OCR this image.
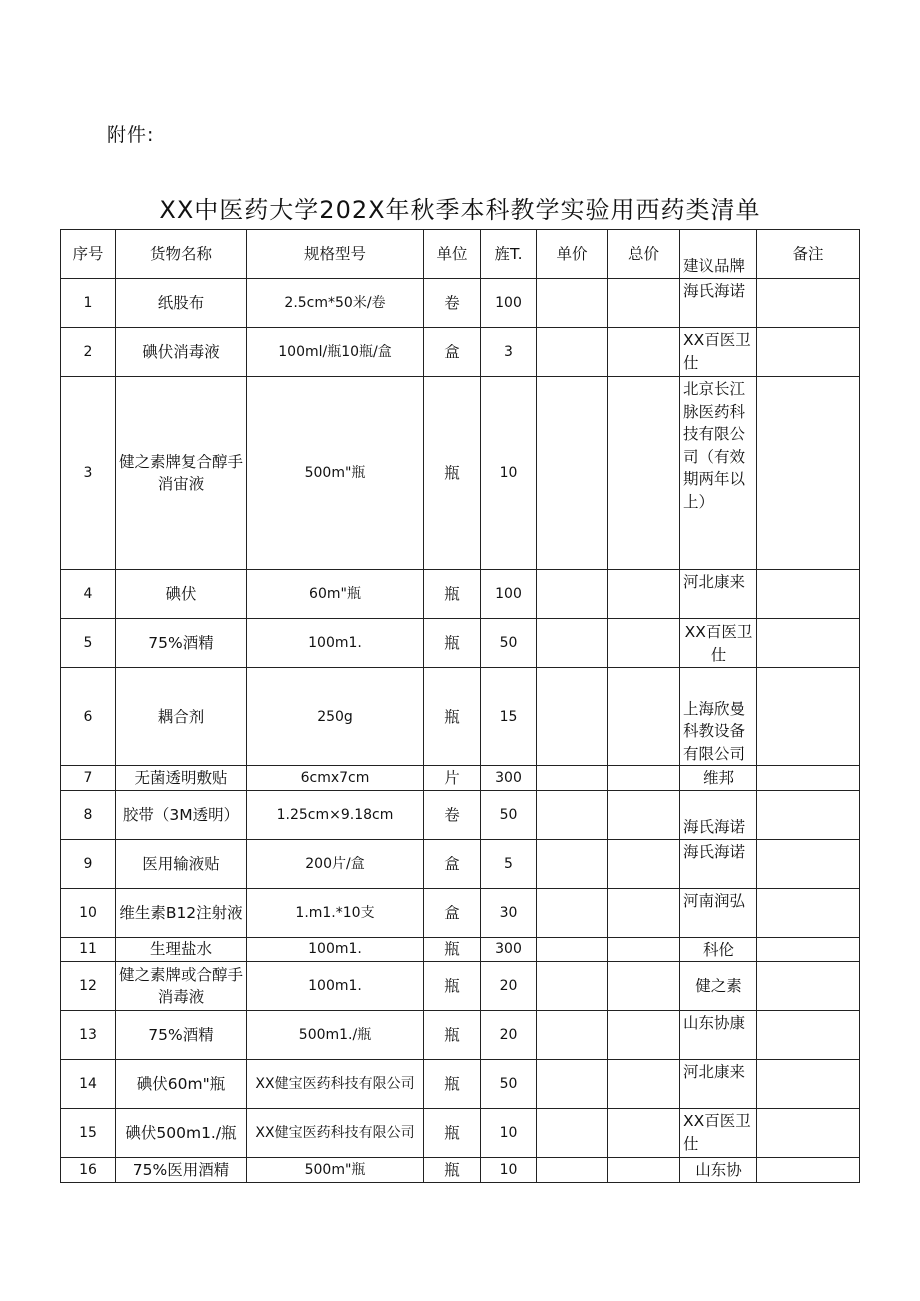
附件:
XX中医药大学202X年秋季本科教学实验用西药类清单
序号	货物名称	规格型号	单位	旌T.	单价	总价	建议品牌	备注
1	纸股布	2.5cm*50米/卷	卷	100			海氏海诺	
2	碘伏消毒液	100ml/瓶10瓶/盒	盒	3			XX百医卫仕	
3	健之素牌复合醇手消宙液	500m"瓶	瓶	10			北京长江脉医药科技有限公司（有效期两年以上）	
4	碘伏	60m"瓶	瓶	100			河北康来	
5	75%酒精	100m1.	瓶	50			XX百医卫仕	
6	耦合剂	250g	瓶	15			上海欣曼科教设备有限公司	
7	无菌透明敷贴	6cmx7cm	片	300			维邦	
8	胶带（3M透明）	1.25cm×9.18cm	卷	50			海氏海诺	
9	医用输液贴	200片/盒	盒	5			海氏海诺	
10	维生素B12注射液	1.m1.*10支	盒	30			河南润弘	
11	生理盐水	100m1.	瓶	300			科伦	
12	健之素牌或合醇手消毒液	100m1.	瓶	20			健之素	
13	75%酒精	500m1./瓶	瓶	20			山东协康	
14	碘伏60m"瓶	XX健宝医药科技有限公司	瓶	50			河北康来	
15	碘伏500m1./瓶	XX健宝医药科技有限公司	瓶	10			XX百医卫仕	
16	75%医用酒精	500m"瓶	瓶	10			山东协	
